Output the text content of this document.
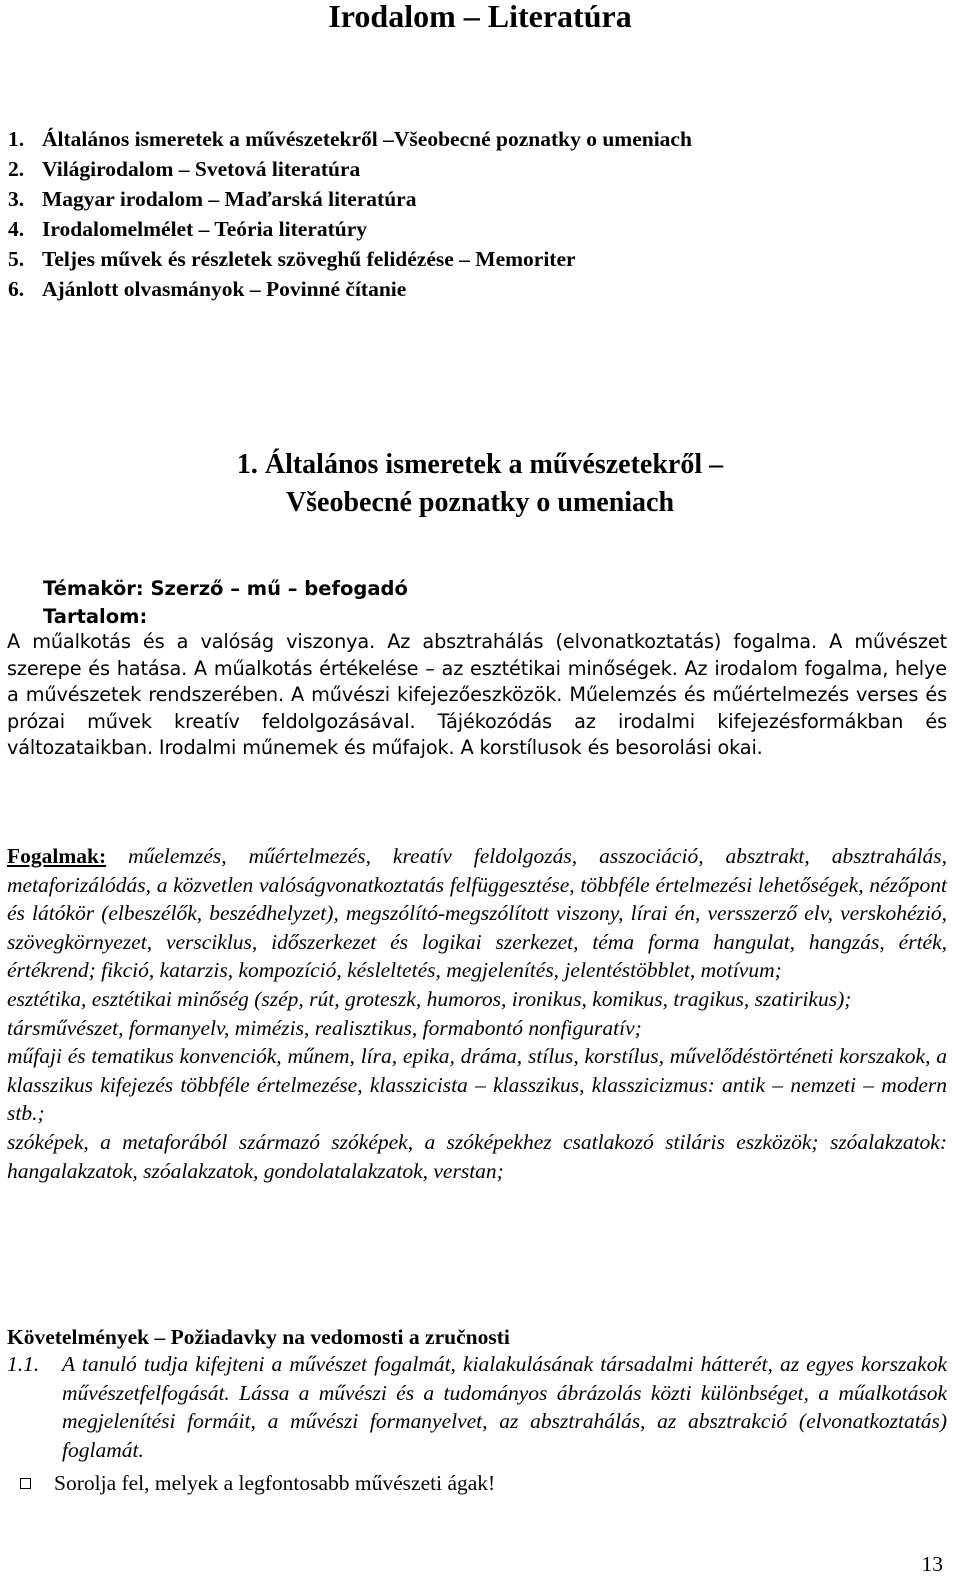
Irodalom – Literatúra
1. Általános ismeretek a művészetekről –Všeobecné poznatky o umeniach
2. Világirodalom – Svetová literatúra
3. Magyar irodalom – Maďarská literatúra
4. Irodalomelmélet – Teória literatúry
5. Teljes művek és részletek szöveghű felidézése – Memoriter
6. Ajánlott olvasmányok – Povinné čítanie
1. Általános ismeretek a művészetekről –
Všeobecné poznatky o umeniach

Témakör: Szerző – mű – befogadó

Tartalom:

A műalkotás és a valóság viszonya. Az absztrahálás (elvonatkoztatás) fogalma. A művészet szerepe és hatása. A műalkotás értékelése – az esztétikai minőségek. Az irodalom fogalma, helye a művészetek rendszerében. A művészi kifejezőeszközök. Műelemzés és műértelmezés verses és prózai művek kreatív feldolgozásával. Tájékozódás az irodalmi kifejezésformákban és változataikban. Irodalmi műnemek és műfajok. A korstílusok és besorolási okai.

Fogalmak: műelemzés, műértelmezés, kreatív feldolgozás, asszociáció, absztrakt, absztrahálás, metaforizálódás, a közvetlen valóságvonatkoztatás felfüggesztése, többféle értelmezési lehetőségek, nézőpont és látókör (elbeszélők, beszédhelyzet), megszólító-megszólított viszony, lírai én, versszerző elv, verskohézió, szövegkörnyezet, versciklus, időszerkezet és logikai szerkezet, téma forma hangulat, hangzás, érték, értékrend; fikció, katarzis, kompozíció, késleltetés, megjelenítés, jelentéstöbblet, motívum;
esztétika, esztétikai minőség (szép, rút, groteszk, humoros, ironikus, komikus, tragikus, szatirikus);
társművészet, formanyelv, mimézis, realisztikus, formabontó nonfiguratív;
műfaji és tematikus konvenciók, műnem, líra, epika, dráma, stílus, korstílus, művelődéstörténeti korszakok, a klasszikus kifejezés többféle értelmezése, klasszicista – klasszikus, klasszicizmus: antik – nemzeti – modern stb.;
szóképek, a metaforából származó szóképek, a szóképekhez csatlakozó stiláris eszközök; szóalakzatok: hangalakzatok, szóalakzatok, gondolatalakzatok, verstan;

Követelmények – Požiadavky na vedomosti a zručnosti

1.1. A tanuló tudja kifejteni a művészet fogalmát, kialakulásának társadalmi hátterét, az egyes korszakok művészetfelfogását. Lássa a művészi és a tudományos ábrázolás közti különbséget, a műalkotások megjelenítési formáit, a művészi formanyelvet, az absztrahálás, az absztrakció (elvonatkoztatás) foglamát.

Sorolja fel, melyek a legfontosabb művészeti ágak!

13
